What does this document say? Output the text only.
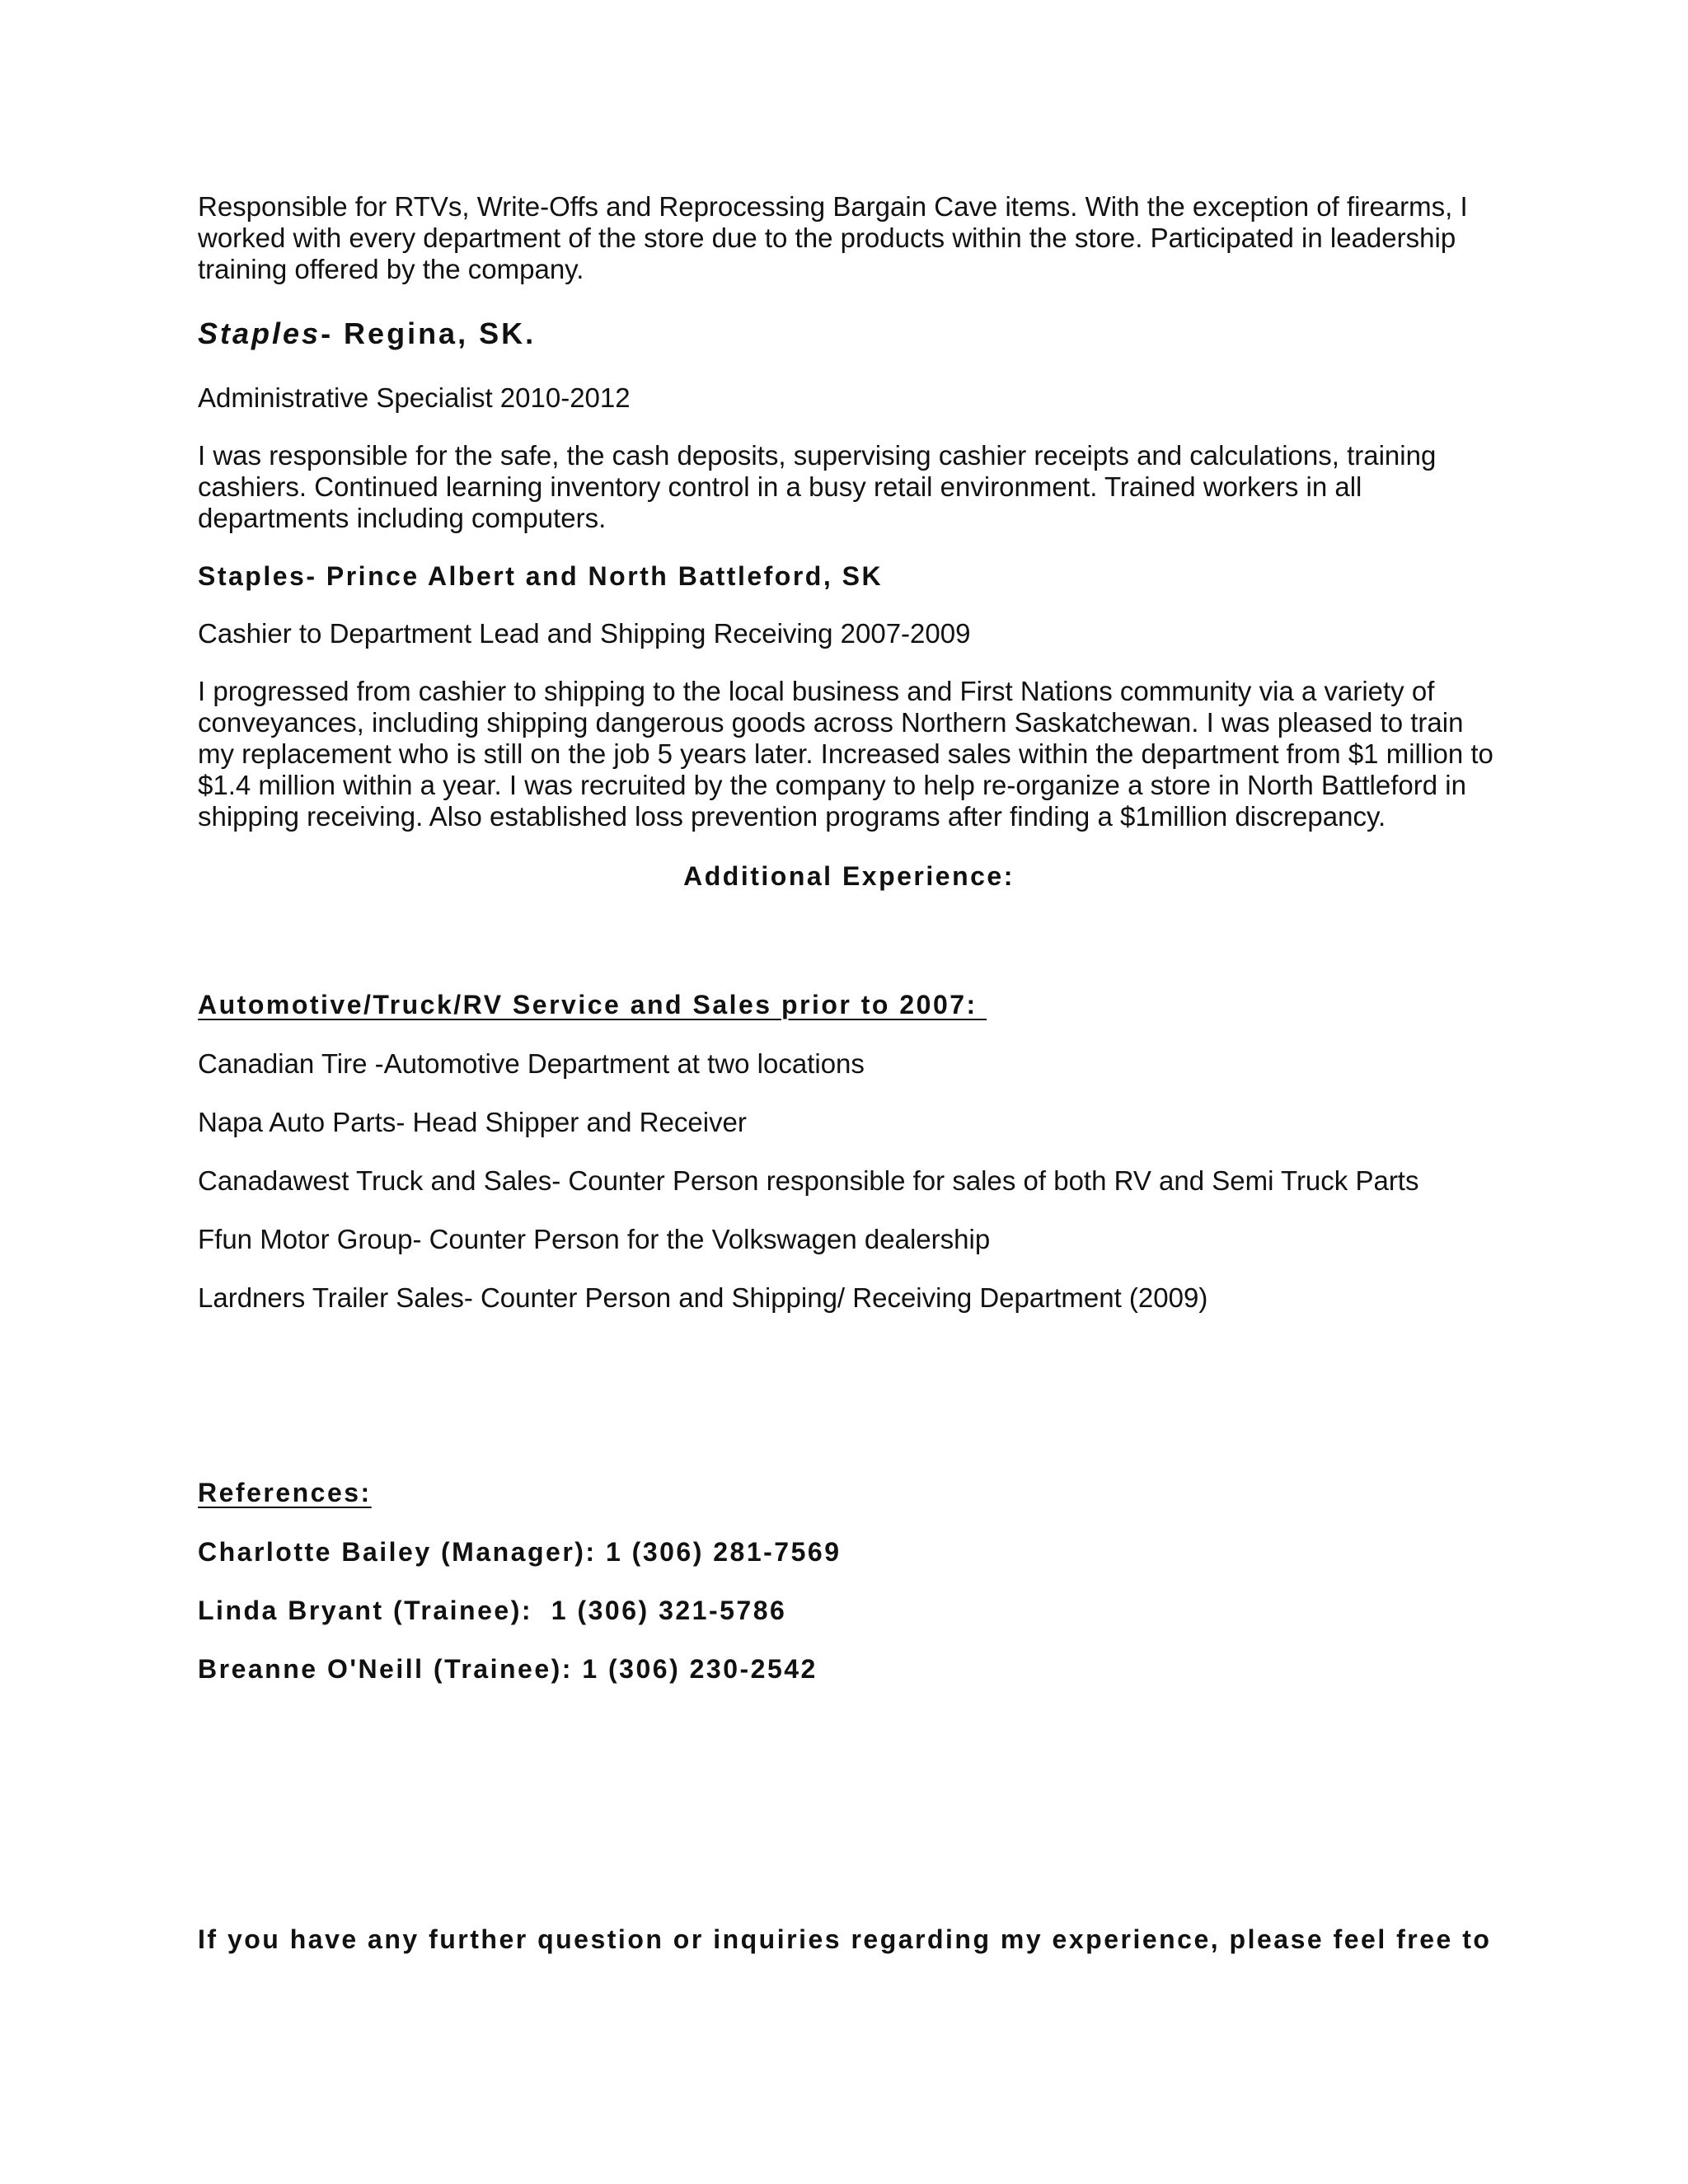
Responsible for RTVs, Write-Offs and Reprocessing Bargain Cave items. With the exception of firearms, I worked with every department of the store due to the products within the store. Participated in leadership training offered by the company.

Staples- Regina, SK.

Administrative Specialist 2010-2012

I was responsible for the safe, the cash deposits, supervising cashier receipts and calculations, training cashiers. Continued learning inventory control in a busy retail environment. Trained workers in all departments including computers.

Staples- Prince Albert and North Battleford, SK

Cashier to Department Lead and Shipping Receiving 2007-2009

I progressed from cashier to shipping to the local business and First Nations community via a variety of conveyances, including shipping dangerous goods across Northern Saskatchewan. I was pleased to train my replacement who is still on the job 5 years later. Increased sales within the department from $1 million to $1.4 million within a year. I was recruited by the company to help re-organize a store in North Battleford in shipping receiving. Also established loss prevention programs after finding a $1million discrepancy.

Additional Experience:

Automotive/Truck/RV Service and Sales prior to 2007:

Canadian Tire -Automotive Department at two locations

Napa Auto Parts- Head Shipper and Receiver

Canadawest Truck and Sales- Counter Person responsible for sales of both RV and Semi Truck Parts

Ffun Motor Group- Counter Person for the Volkswagen dealership

Lardners Trailer Sales- Counter Person and Shipping/ Receiving Department (2009)

References:

Charlotte Bailey (Manager): 1 (306) 281-7569

Linda Bryant (Trainee):  1 (306) 321-5786

Breanne O'Neill (Trainee): 1 (306) 230-2542

If you have any further question or inquiries regarding my experience, please feel free to
